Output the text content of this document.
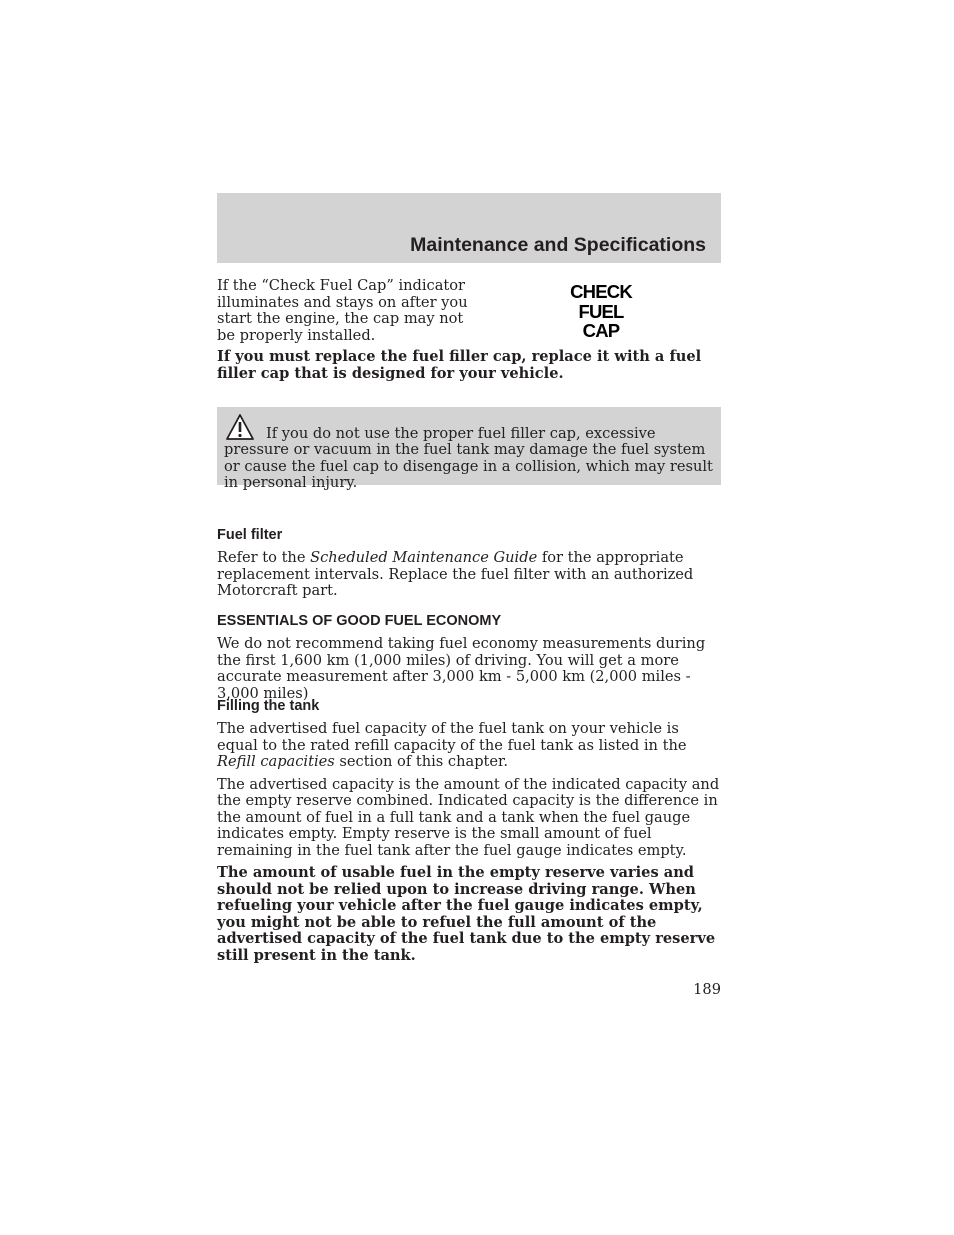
Maintenance and Specifications

If the “Check Fuel Cap” indicator illuminates and stays on after you start the engine, the cap may not be properly installed.

CHECK
FUEL
CAP

If you must replace the fuel filler cap, replace it with a fuel filler cap that is designed for your vehicle.

If you do not use the proper fuel filler cap, excessive pressure or vacuum in the fuel tank may damage the fuel system or cause the fuel cap to disengage in a collision, which may result in personal injury.

Fuel filter

Refer to the Scheduled Maintenance Guide for the appropriate replacement intervals. Replace the fuel filter with an authorized Motorcraft part.

ESSENTIALS OF GOOD FUEL ECONOMY

We do not recommend taking fuel economy measurements during the first 1,600 km (1,000 miles) of driving. You will get a more accurate measurement after 3,000 km - 5,000 km (2,000 miles - 3,000 miles)

Filling the tank

The advertised fuel capacity of the fuel tank on your vehicle is equal to the rated refill capacity of the fuel tank as listed in the Refill capacities section of this chapter.

The advertised capacity is the amount of the indicated capacity and the empty reserve combined. Indicated capacity is the difference in the amount of fuel in a full tank and a tank when the fuel gauge indicates empty. Empty reserve is the small amount of fuel remaining in the fuel tank after the fuel gauge indicates empty.

The amount of usable fuel in the empty reserve varies and should not be relied upon to increase driving range. When refueling your vehicle after the fuel gauge indicates empty, you might not be able to refuel the full amount of the advertised capacity of the fuel tank due to the empty reserve still present in the tank.

189
